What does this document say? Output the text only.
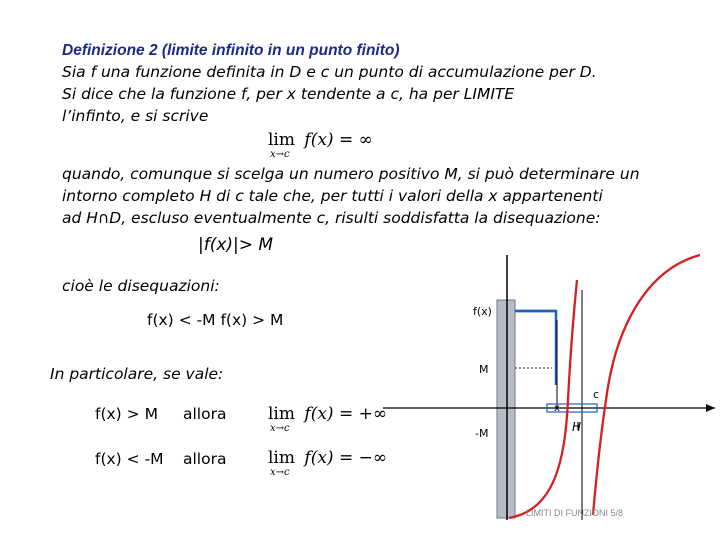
Definizione 2 (limite infinito in un punto finito)
Sia f una funzione definita in D e c un punto di accumulazione per D.
Si dice che la funzione f, per x tendente a c, ha per LIMITE
l’infinto, e si scrive
lim f(x) = ∞
x→c
quando, comunque si scelga un numero positivo M, si può determinare un
intorno completo H di c tale che, per tutti i valori della x appartenenti
ad H∩D, escluso eventualmente c, risulti soddisfatta la disequazione:
|f(x)|> M
cioè le disequazioni:
f(x) < -M f(x) > M
In particolare, se vale:
f(x) > M allora lim f(x) = +∞
x→c
f(x) < -M allora lim f(x) = −∞
x→c
f(x)
M
-M
c
x
H
LIMITI DI FUNZIONI 5/8
